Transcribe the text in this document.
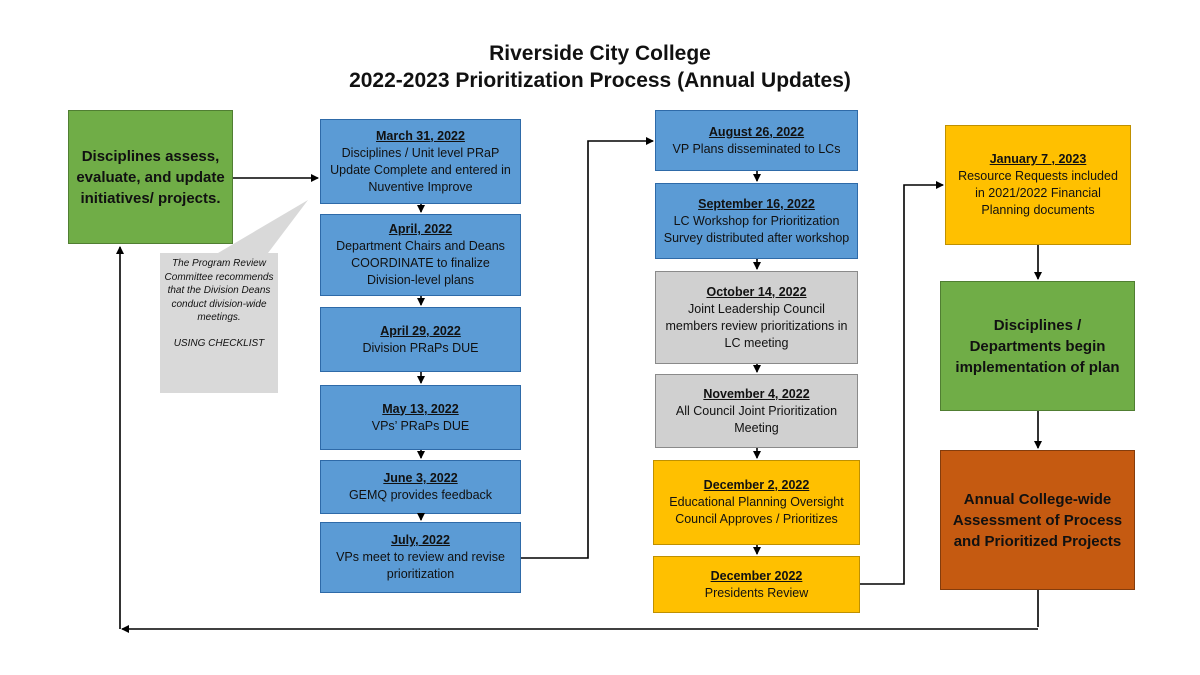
Riverside City College
2022-2023 Prioritization Process (Annual Updates)
Disciplines assess, evaluate, and update initiatives/ projects.
The Program Review Committee recommends that the Division Deans conduct division-wide meetings.
USING CHECKLIST
March 31, 2022
Disciplines / Unit level PRaP Update Complete and entered in Nuventive Improve
April, 2022
Department Chairs and Deans COORDINATE to finalize Division-level plans
April 29, 2022
Division PRaPs DUE
May 13, 2022
VPs’ PRaPs DUE
June 3, 2022
GEMQ provides feedback
July, 2022
VPs meet to review and revise prioritization
August 26, 2022
VP Plans disseminated to LCs
September 16, 2022
LC Workshop for Prioritization Survey distributed after workshop
October 14, 2022
Joint Leadership Council members review prioritizations in LC meeting
November 4, 2022
All Council Joint Prioritization Meeting
December 2, 2022
Educational Planning Oversight Council Approves / Prioritizes
December 2022
Presidents Review
January 7 , 2023
Resource Requests included in 2021/2022 Financial Planning documents
Disciplines / Departments begin implementation of plan
Annual College-wide Assessment of Process and Prioritized Projects
